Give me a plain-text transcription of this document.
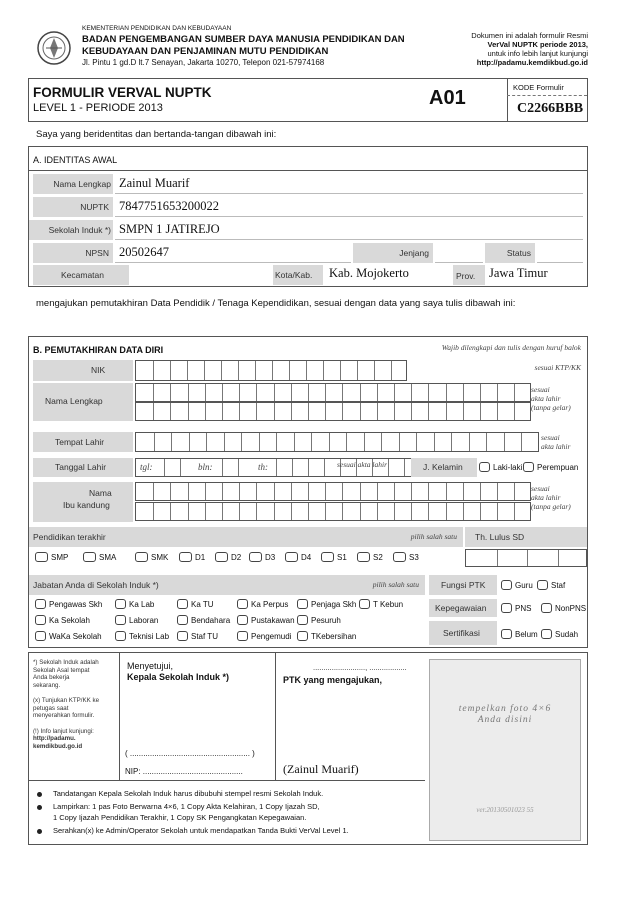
KEMENTERIAN PENDIDIKAN DAN KEBUDAYAAN
BADAN PENGEMBANGAN SUMBER DAYA MANUSIA PENDIDIKAN DAN
KEBUDAYAAN DAN PENJAMINAN MUTU PENDIDIKAN
Jl. Pintu 1 gd.D lt.7 Senayan, Jakarta 10270, Telepon 021-57974168
Dokumen ini adalah formulir Resmi
VerVal NUPTK periode 2013,
untuk info lebih lanjut kunjungi
http://padamu.kemdikbud.go.id
FORMULIR VERVAL NUPTK
LEVEL 1 - PERIODE 2013	A01	KODE Formulir
C2266BBB
Saya yang beridentitas dan bertanda-tangan dibawah ini:
A. IDENTITAS AWAL
Nama Lengkap Zainul Muarif
NUPTK 7847751653200022
Sekolah Induk *) SMPN 1 JATIREJO
NPSN 20502647	Jenjang	Status
Kecamatan	Kota/Kab. Kab. Mojokerto	Prov. Jawa Timur
mengajukan pemutakhiran Data Pendidik / Tenaga Kependidikan, sesuai dengan data yang saya tulis dibawah ini:
B. PEMUTAKHIRAN DATA DIRI	Wajib dilengkapi dan tulis dengan huruf balok
NIK	sesuai KTP/KK
Nama Lengkap
sesuai
akta lahir
(tanpa gelar)
Tempat Lahir	sesuai
akta lahir
Tanggal Lahir	tgl:	bln:	th:	sesuai akta lahir	J. Kelamin	Laki-laki Perempuan
Nama
Ibu kandung
sesuai
akta lahir
(tanpa gelar)
Pendidikan terakhir	pilih salah satu Th. Lulus SD
SMP	SMA	SMK	D1	D2	D3	D4	S1	S2	S3
Jabatan Anda di Sekolah Induk *)	pilih salah satu	Fungsi PTK	Guru Staf
Pengawas Skh	Ka Lab	Ka TU	Ka Perpus	Penjaga Skh T Kebun
Ka Sekolah	Laboran	Bendahara	Pustakawan Pesuruh
WaKa Sekolah	Teknisi Lab	Staf TU	Pengemudi TKebersihan
Kepegawaian	PNS	NonPNS
Sertifikasi	Belum Sudah
*) Sekolah Induk adalah
Sekolah Asal tempat
Anda bekerja
sekarang.
(x) Tunjukan KTP/KK ke
petugas saat
menyerahkan formulir.
(!) Info lanjut kunjungi:
http://padamu.
kemdikbud.go.id
Menyetujui,
Kepala Sekolah Induk *)
( ...................................................... )
NIP: .............................................
........................., ..................
PTK yang mengajukan,
(Zainul Muarif)
tempelkan foto 4×6
Anda disini
ver.20130501023 55
Tandatangan Kepala Sekolah Induk harus dibubuhi stempel resmi Sekolah Induk.
Lampirkan: 1 pas Foto Berwarna 4×6, 1 Copy Akta Kelahiran, 1 Copy Ijazah SD,
1 Copy Ijazah Pendidikan Terakhir, 1 Copy SK Pengangkatan Kepegawaian.
Serahkan(x) ke Admin/Operator Sekolah untuk mendapatkan Tanda Bukti VerVal Level 1.
